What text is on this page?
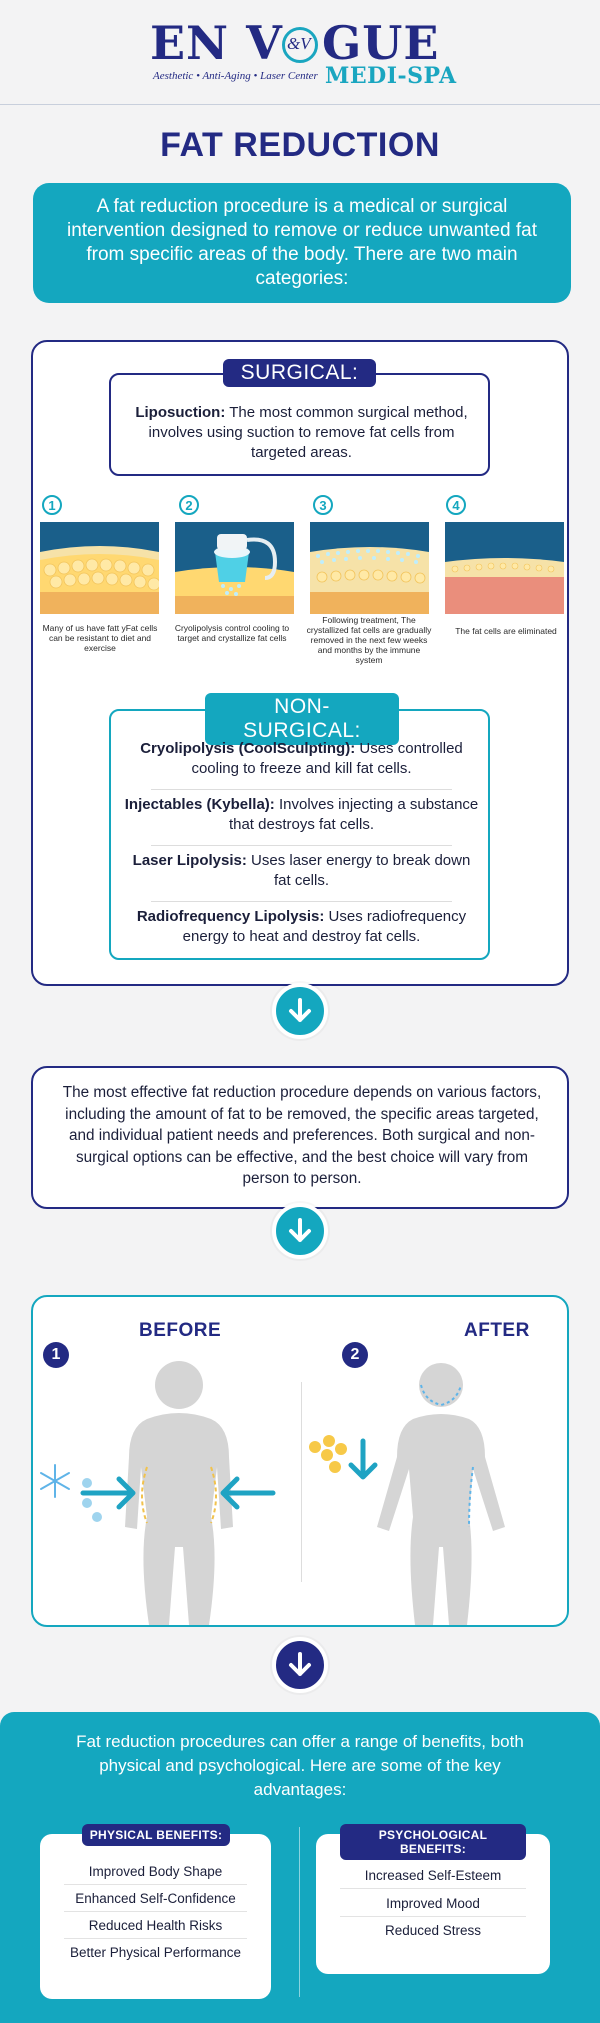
EN V &V GUE
Aesthetic • Anti-Aging • Laser Center MEDI-SPA
FAT REDUCTION
A fat reduction procedure is a medical or surgical intervention designed to remove or reduce unwanted fat from specific areas of the body. There are two main categories:
SURGICAL:
Liposuction: The most common surgical method, involves using suction to remove fat cells from targeted areas.
1	2	3	4
Many of us have fatt yFat cells can be resistant to diet and exercise
Cryolipolysis control cooling to target and crystallize fat cells
Following treatment, The crystallized fat cells are gradually removed in the next few weeks and months by the immune system
The fat cells are eliminated
NON-SURGICAL:
Cryolipolysis (CoolSculpting): Uses controlled cooling to freeze and kill fat cells.
Injectables (Kybella): Involves injecting a substance that destroys fat cells.
Laser Lipolysis: Uses laser energy to break down fat cells.
Radiofrequency Lipolysis: Uses radiofrequency energy to heat and destroy fat cells.
The most effective fat reduction procedure depends on various factors, including the amount of fat to be removed, the specific areas targeted, and individual patient needs and preferences. Both surgical and non-surgical options can be effective, and the best choice will vary from person to person.
1
BEFORE
2
AFTER
Fat reduction procedures can offer a range of benefits, both physical and psychological. Here are some of the key advantages:
PHYSICAL BENEFITS:
Improved Body Shape
Enhanced Self-Confidence
Reduced Health Risks
Better Physical Performance
PSYCHOLOGICAL BENEFITS:
Increased Self-Esteem
Improved Mood
Reduced Stress
